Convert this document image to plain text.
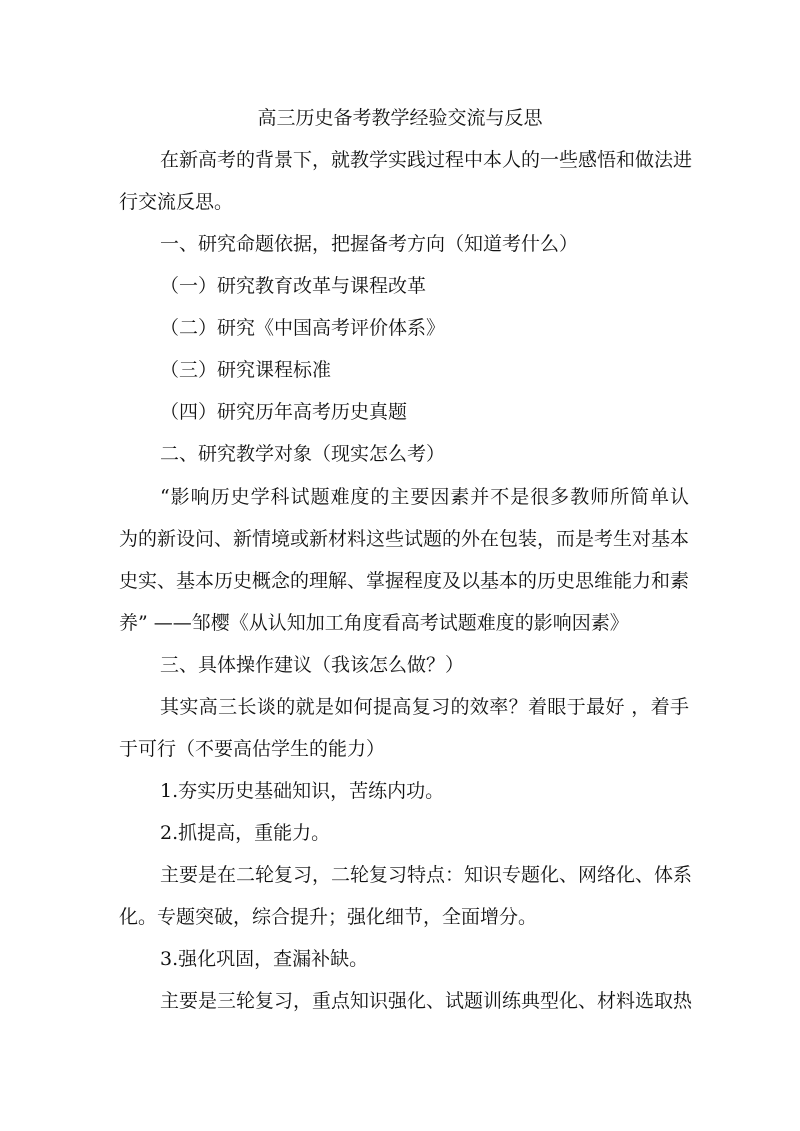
高三历史备考教学经验交流与反思
在新高考的背景下，就教学实践过程中本人的一些感悟和做法进
行交流反思。
一、研究命题依据，把握备考方向（知道考什么）
（一）研究教育改革与课程改革
（二）研究《中国高考评价体系》
（三）研究课程标准
（四）研究历年高考历史真题
二、研究教学对象（现实怎么考）
“影响历史学科试题难度的主要因素并不是很多教师所简单认
为的新设问、新情境或新材料这些试题的外在包装，而是考生对基本
史实、基本历史概念的理解、掌握程度及以基本的历史思维能力和素
养” ——邹樱《从认知加工角度看高考试题难度的影响因素》
三、具体操作建议（我该怎么做？）
其实高三长谈的就是如何提高复习的效率？着眼于最好 ，着手
于可行（不要高估学生的能力）
1.夯实历史基础知识，苦练内功。
2.抓提高，重能力。
主要是在二轮复习，二轮复习特点：知识专题化、网络化、体系
化。专题突破，综合提升；强化细节，全面增分。
3.强化巩固，查漏补缺。
主要是三轮复习，重点知识强化、试题训练典型化、材料选取热
